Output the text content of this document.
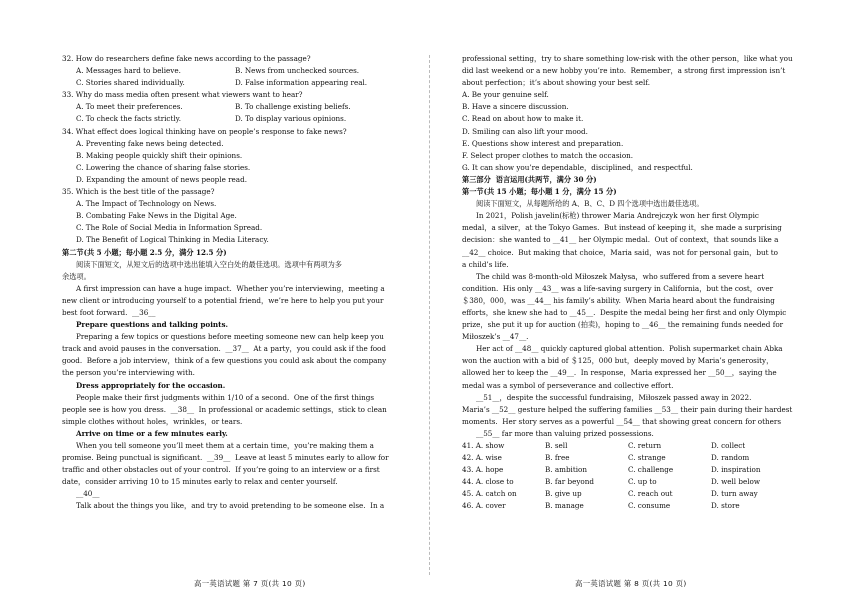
32. How do researchers define fake news according to the passage?
A. Messages hard to believe.	B. News from unchecked sources.
C. Stories shared individually.	D. False information appearing real.
33. Why do mass media often present what viewers want to hear?
A. To meet their preferences.	B. To challenge existing beliefs.
C. To check the facts strictly.	D. To display various opinions.
34. What effect does logical thinking have on people’s response to fake news?
A. Preventing fake news being detected.
B. Making people quickly shift their opinions.
C. Lowering the chance of sharing false stories.
D. Expanding the amount of news people read.
35. Which is the best title of the passage?
A. The Impact of Technology on News.
B. Combating Fake News in the Digital Age.
C. The Role of Social Media in Information Spread.
D. The Benefit of Logical Thinking in Media Literacy.
第二节(共 5 小题；每小题 2.5 分，满分 12.5 分)
阅读下面短文，从短文后的选项中选出能填入空白处的最佳选项。选项中有两项为多
余选项。
A first impression can have a huge impact.  Whether you’re interviewing，meeting a
new client or introducing yourself to a potential friend，we’re here to help you put your
best foot forward.  __36__
Prepare questions and talking points.
Preparing a few topics or questions before meeting someone new can help keep you
track and avoid pauses in the conversation.  __37__  At a party，you could ask if the food
good.  Before a job interview，think of a few questions you could ask about the company
the person you’re interviewing with.
Dress appropriately for the occasion.
People make their first judgments within 1/10 of a second.  One of the first things
people see is how you dress.  __38__  In professional or academic settings，stick to clean
simple clothes without holes，wrinkles，or tears.
Arrive on time or a few minutes early.
When you tell someone you’ll meet them at a certain time，you’re making them a
promise. Being punctual is significant.  __39__  Leave at least 5 minutes early to allow for
traffic and other obstacles out of your control.  If you’re going to an interview or a first
date，consider arriving 10 to 15 minutes early to relax and center yourself.
__40__
Talk about the things you like，and try to avoid pretending to be someone else.  In a
professional setting，try to share something low-risk with the other person，like what you
did last weekend or a new hobby you’re into.  Remember，a strong first impression isn’t
about perfection；it’s about showing your best self.
A. Be your genuine self.
B. Have a sincere discussion.
C. Read on about how to make it.
D. Smiling can also lift your mood.
E. Questions show interest and preparation.
F. Select proper clothes to match the occasion.
G. It can show you’re dependable，disciplined，and respectful.
第三部分  语言运用(共两节，满分 30 分)
第一节(共 15 小题；每小题 1 分，满分 15 分)
阅读下面短文，从每题所给的 A、B、C、D 四个选项中选出最佳选项。
In 2021，Polish javelin(标枪) thrower Maria Andrejczyk won her first Olympic
medal，a silver，at the Tokyo Games.  But instead of keeping it，she made a surprising
decision：she wanted to __41__ her Olympic medal.  Out of context，that sounds like a
__42__ choice.  But making that choice，Maria said，was not for personal gain，but to
a child’s life.
The child was 8-month-old Miłoszek Małysa，who suffered from a severe heart
condition.  His only __43__ was a life-saving surgery in California，but the cost，over
＄380，000，was __44__ his family’s ability.  When Maria heard about the fundraising
efforts，she knew she had to __45__.  Despite the medal being her first and only Olympic
prize，she put it up for auction (拍卖)，hoping to __46__ the remaining funds needed for
Miłoszek’s __47__.
Her act of __48__ quickly captured global attention.  Polish supermarket chain Abka
won the auction with a bid of ＄125，000 but，deeply moved by Maria’s generosity，
allowed her to keep the __49__.  In response，Maria expressed her __50__，saying the
medal was a symbol of perseverance and collective effort.
__51__，despite the successful fundraising，Miłoszek passed away in 2022.
Maria’s __52__ gesture helped the suffering families __53__ their pain during their hardest
moments.  Her story serves as a powerful __54__ that showing great concern for others
__55__ far more than valuing prized possessions.
41. A. show	B. sell	C. return	D. collect
42. A. wise	B. free	C. strange	D. random
43. A. hope	B. ambition	C. challenge	D. inspiration
44. A. close to	B. far beyond	C. up to	D. well below
45. A. catch on	B. give up	C. reach out	D. turn away
46. A. cover	B. manage	C. consume	D. store
高一英语试题 第 7 页(共 10 页)	高一英语试题 第 8 页(共 10 页)
